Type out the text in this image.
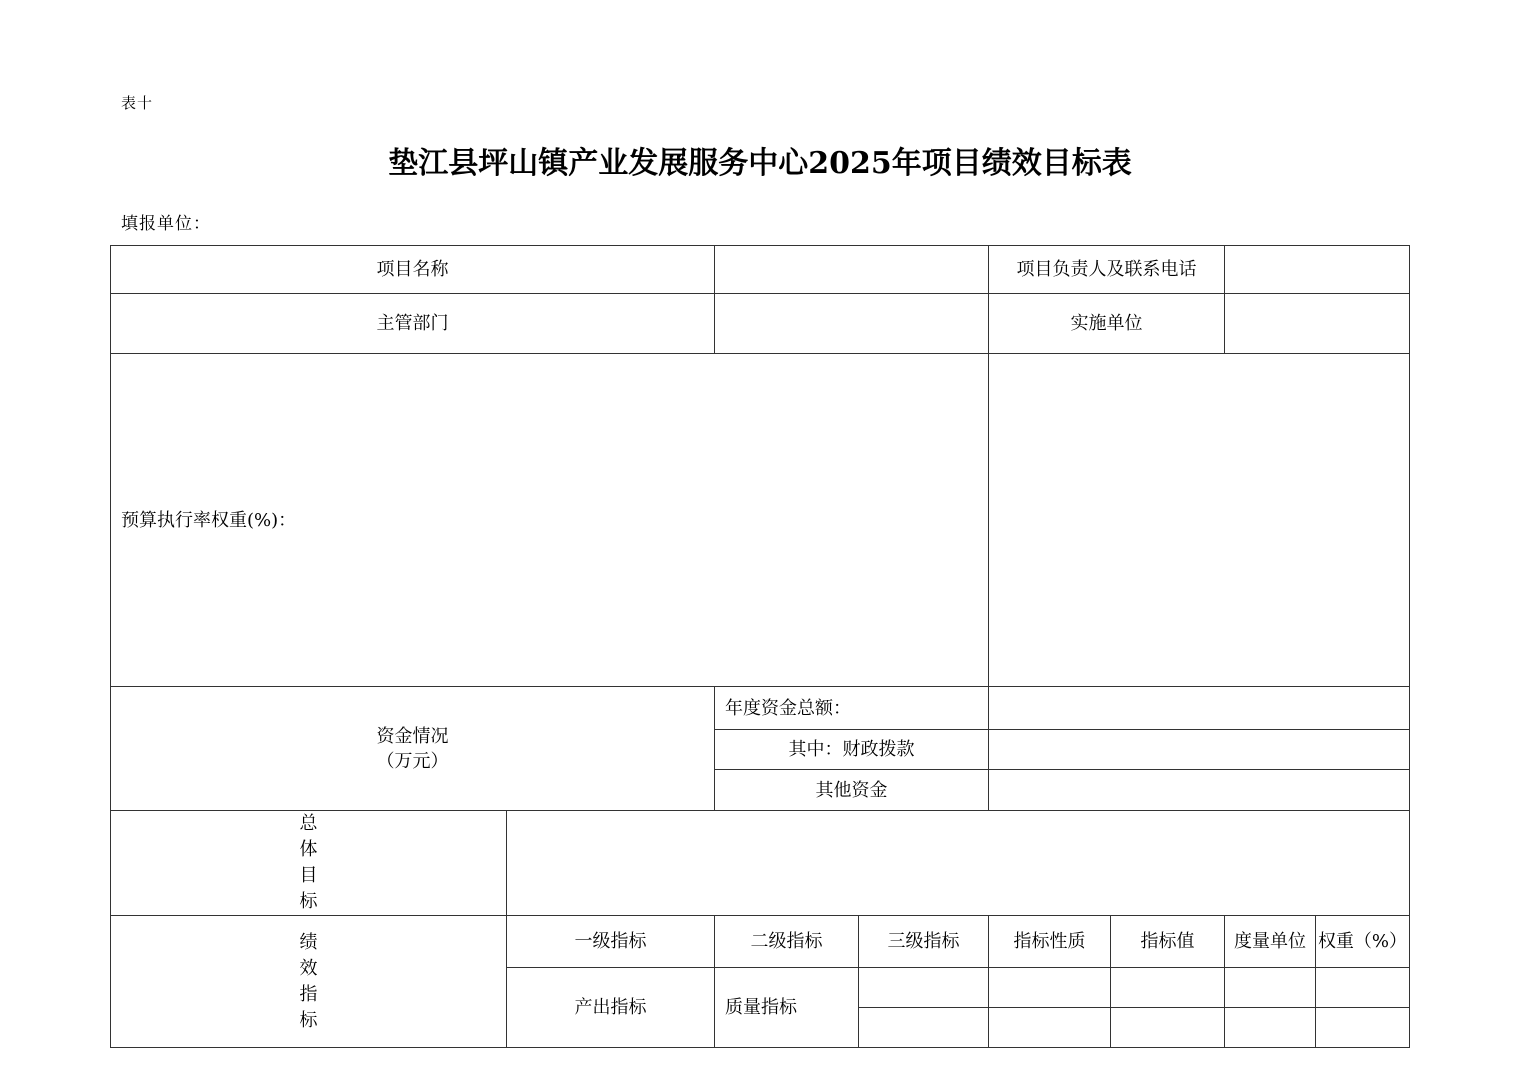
表十
垫江县坪山镇产业发展服务中心2025年项目绩效目标表
填报单位：
项目名称				项目负责人及联系电话			
主管部门				实施单位			
预算执行率权重(%)：							

资金情况
（万元）		年度资金总额：					
		其中：财政拨款					
		其他资金					

总体目标							

绩效指标	一级指标	二级指标	三级指标	指标性质	指标值	度量单位	权重（%）
	产出指标	质量指标					
